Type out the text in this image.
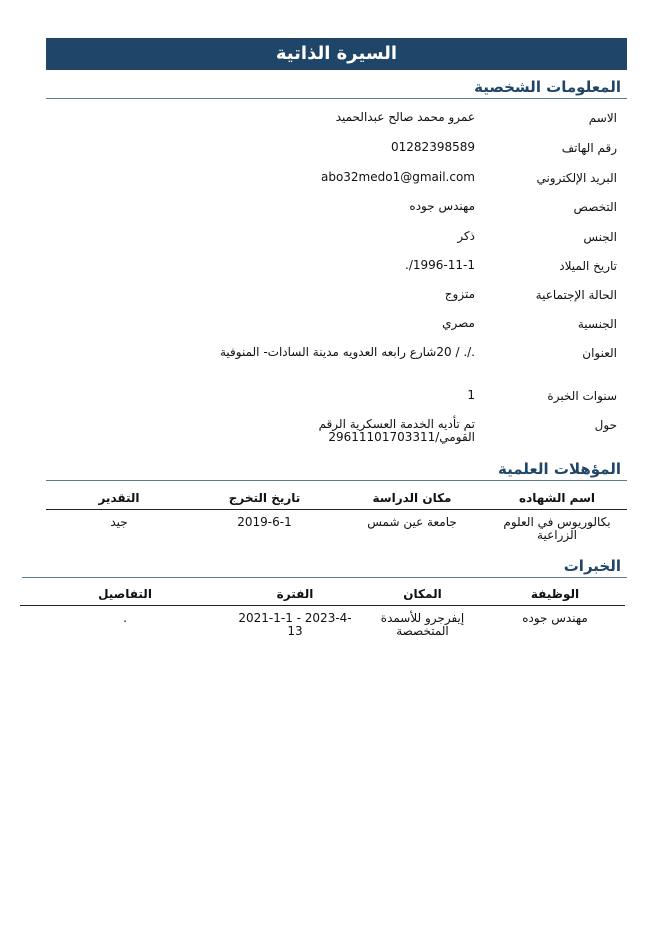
السيرة الذاتية
المعلومات الشخصية
الاسم
عمرو محمد صالح عبدالحميد
رقم الهاتف
01282398589
البريد الإلكتروني
abo32medo1@gmail.com
التخصص
مهندس جوده
الجنس
ذكر
تاريخ الميلاد
1996-11-1/.
الحالة الإجتماعية
متزوج
الجنسية
مصري
العنوان
./. / 20شارع رابعه العدويه مدينة السادات- المنوفية
سنوات الخبرة
1
حول
تم تأديه الخدمة العسكرية الرقم القومي/29611101703311
المؤهلات العلمية
اسم الشهاده	مكان الدراسة	تاريخ التخرج	التقدير
بكالوريوس في العلوم الزراعية	جامعة عين شمس	2019-6-1	جيد
الخبرات
الوظيفة	المكان	الفترة	التفاصيل
مهندس جوده	إيفرجرو للأسمدة المتخصصة	2021-1-1 - 2023-4-13	.
